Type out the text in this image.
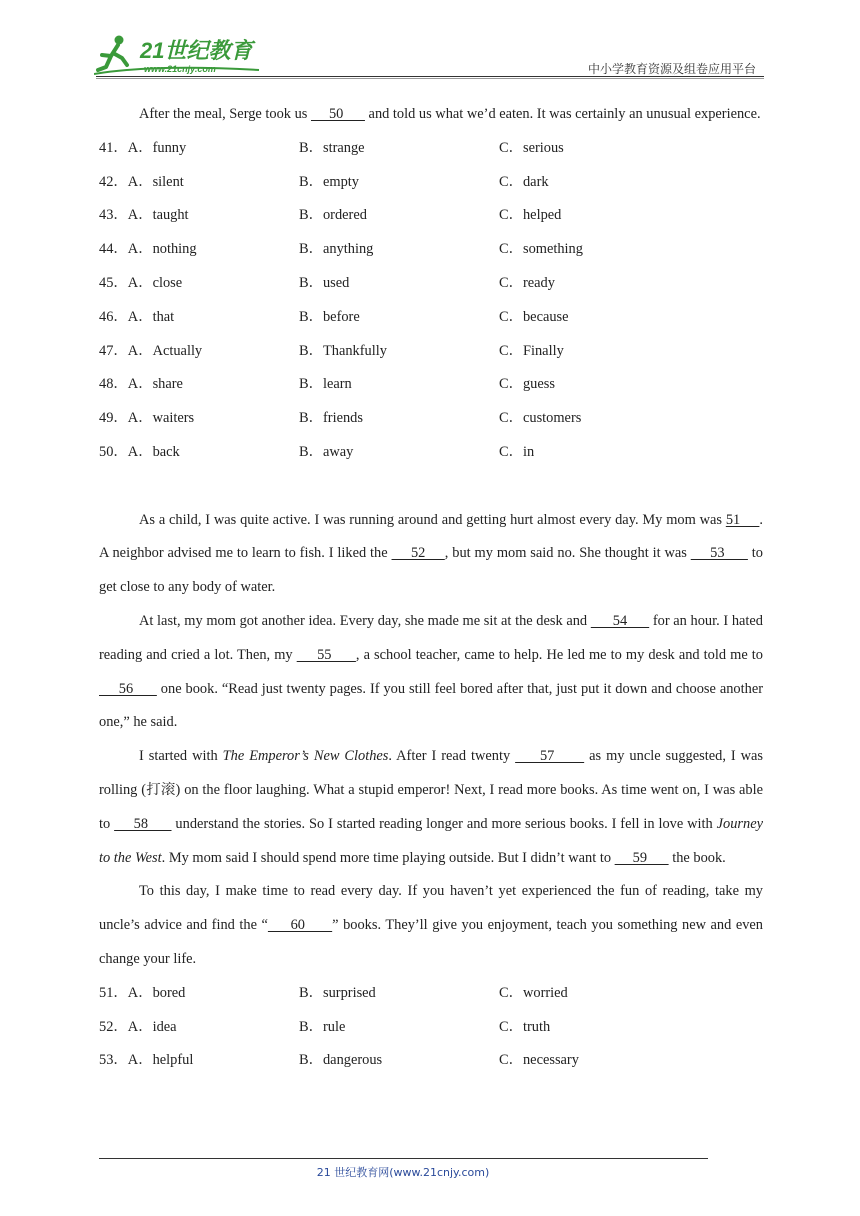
21世纪教育
www.21cnjy.com	中小学教育资源及组卷应用平台

After the meal, Serge took us      50       and told us what we’d eaten. It was certainly an unusual experience.

41．A．funny	B．strange	C．serious
42．A．silent	B．empty	C．dark
43．A．taught	B．ordered	C．helped
44．A．nothing	B．anything	C．something
45．A．close	B．used	C．ready
46．A．that	B．before	C．because
47．A．Actually	B．Thankfully	C．Finally
48．A．share	B．learn	C．guess
49．A．waiters	B．friends	C．customers
50．A．back	B．away	C．in

As a child, I was quite active. I was running around and getting hurt almost every day. My mom was 51     . A neighbor advised me to learn to fish. I liked the      52     , but my mom said no. She thought it was      53       to get close to any body of water.

At last, my mom got another idea. Every day, she made me sit at the desk and       54       for an hour. I hated reading and cried a lot. Then, my      55      , a school teacher, came to help. He led me to my desk and told me to      56       one book. “Read just twenty pages. If you still feel bored after that, just put it down and choose another one,” he said.

I started with The Emperor’s New Clothes. After I read twenty      57       as my uncle suggested, I was rolling (打滚) on the floor laughing. What a stupid emperor! Next, I read more books. As time went on, I was able to      58       understand the stories. So I started reading longer and more serious books. I fell in love with Journey to the West. My mom said I should spend more time playing outside. But I didn’t want to      59       the book.

To this day, I make time to read every day. If you haven’t yet experienced the fun of reading, take my uncle’s advice and find the “     60      ” books. They’ll give you enjoyment, teach you something new and even change your life.

51．A．bored	B．surprised	C．worried
52．A．idea	B．rule	C．truth
53．A．helpful	B．dangerous	C．necessary
21 世纪教育网(www.21cnjy.com)
